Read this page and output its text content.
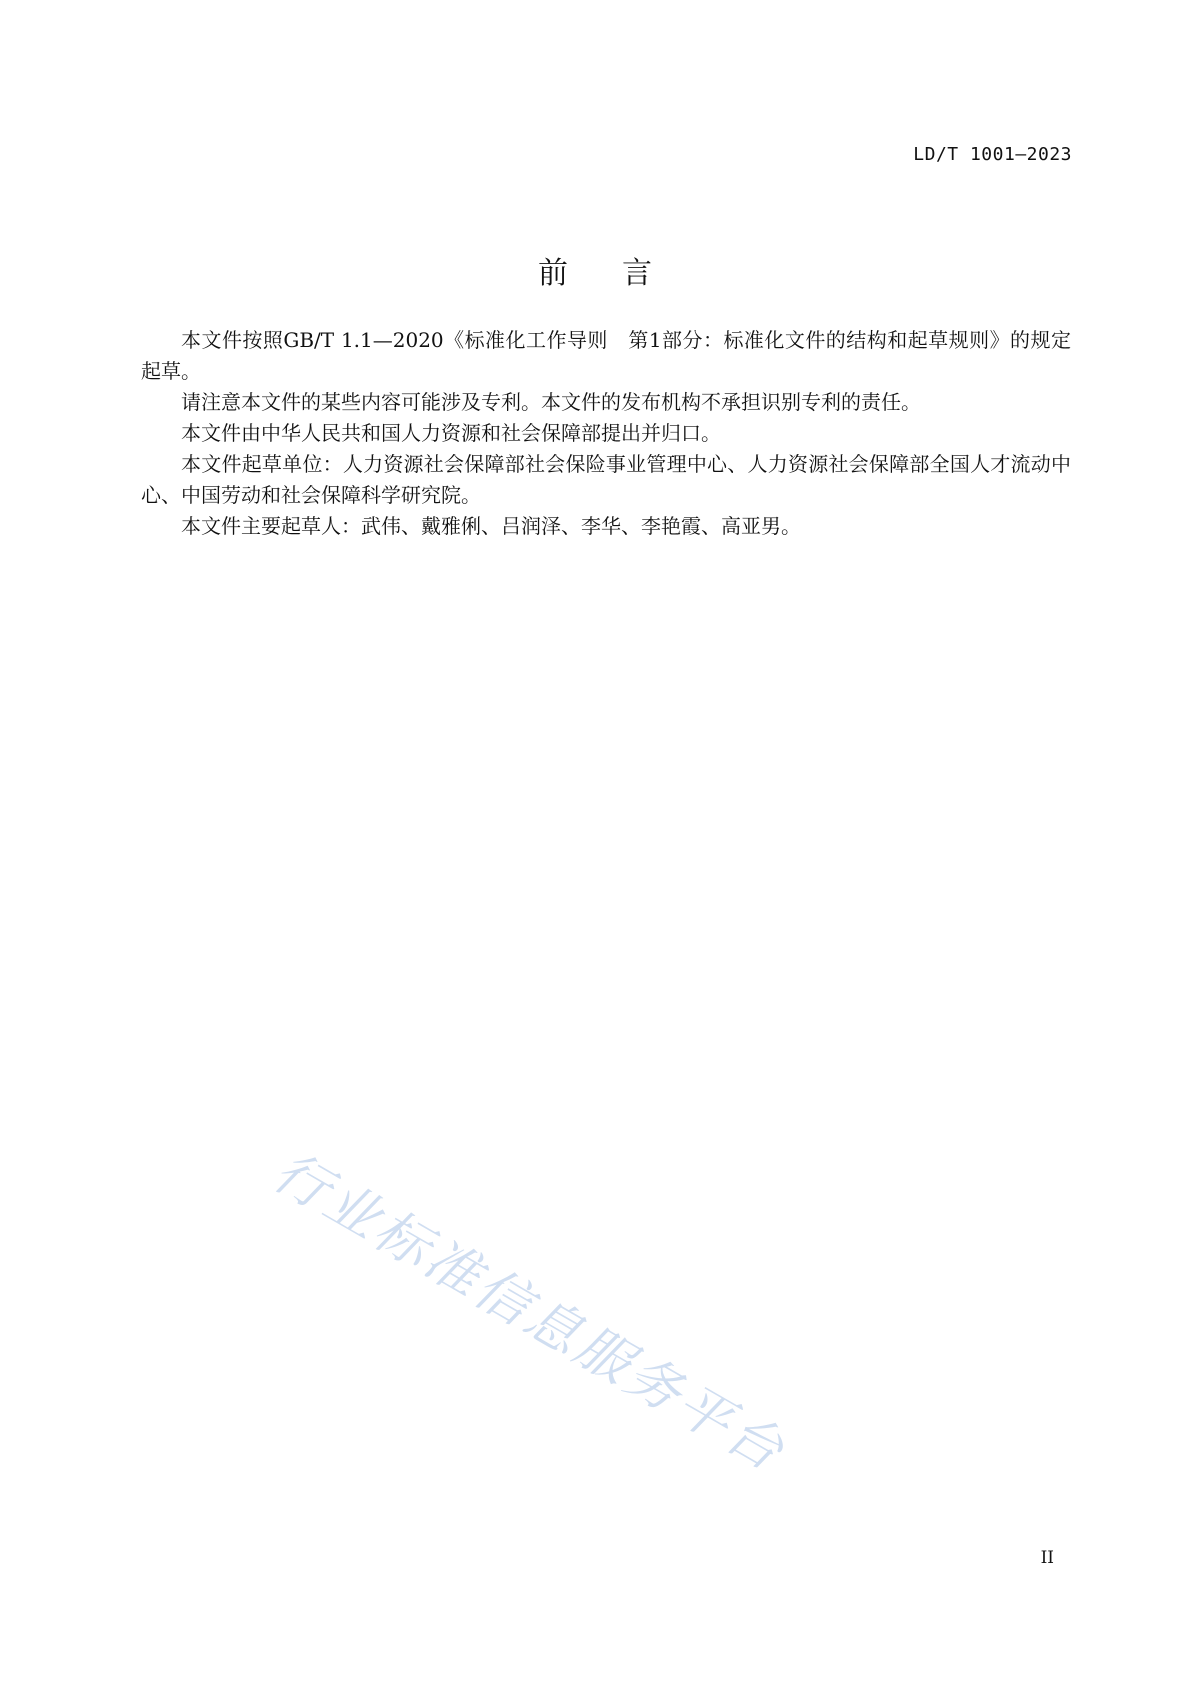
LD/T 1001—2023
前 言

本文件按照GB/T 1.1—2020《标准化工作导则　第1部分：标准化文件的结构和起草规则》的规定起草。

请注意本文件的某些内容可能涉及专利。本文件的发布机构不承担识别专利的责任。

本文件由中华人民共和国人力资源和社会保障部提出并归口。

本文件起草单位：人力资源社会保障部社会保险事业管理中心、人力资源社会保障部全国人才流动中心、中国劳动和社会保障科学研究院。

本文件主要起草人：武伟、戴雅俐、吕润泽、李华、李艳霞、高亚男。

行业标准信息服务平台
II
